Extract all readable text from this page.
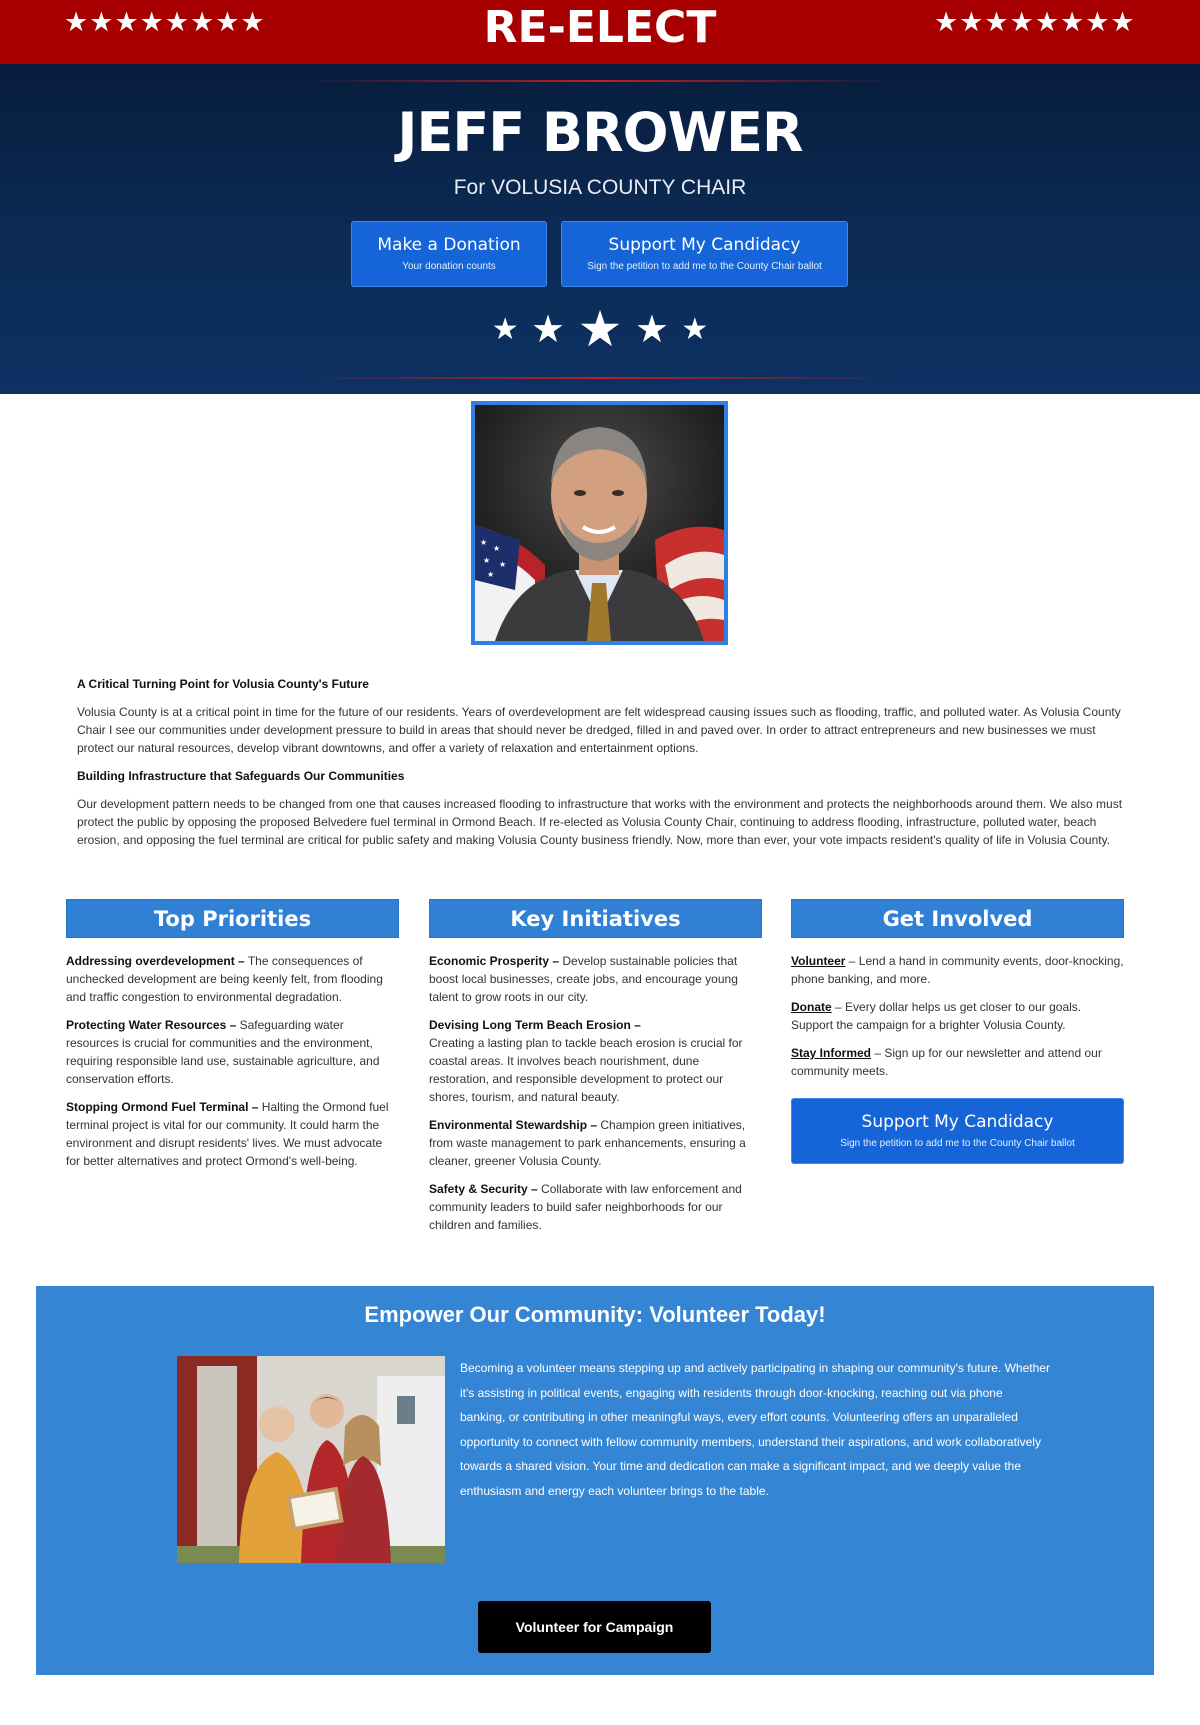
★★★★★★★★	RE-ELECT	★★★★★★★★
JEFF BROWER
For VOLUSIA COUNTY CHAIR
Make a Donation
Your donation counts
Support My Candidacy
Sign the petition to add me to the County Chair ballot
★ ★ ★ ★ ★
★
★
★ ★
★
A Critical Turning Point for Volusia County's Future

Volusia County is at a critical point in time for the future of our residents. Years of overdevelopment are felt widespread causing issues such as flooding, traffic, and polluted water. As Volusia County Chair I see our communities under development pressure to build in areas that should never be dredged, filled in and paved over. In order to attract entrepreneurs and new businesses we must protect our natural resources, develop vibrant downtowns, and offer a variety of relaxation and entertainment options.

Building Infrastructure that Safeguards Our Communities

Our development pattern needs to be changed from one that causes increased flooding to infrastructure that works with the environment and protects the neighborhoods around them. We also must protect the public by opposing the proposed Belvedere fuel terminal in Ormond Beach. If re-elected as Volusia County Chair, continuing to address flooding, infrastructure, polluted water, beach erosion, and opposing the fuel terminal are critical for public safety and making Volusia County business friendly. Now, more than ever, your vote impacts resident's quality of life in Volusia County.

Top Priorities
Addressing overdevelopment – The consequences of unchecked development are being keenly felt, from flooding and traffic congestion to environmental degradation.
Protecting Water Resources – Safeguarding water resources is crucial for communities and the environment, requiring responsible land use, sustainable agriculture, and conservation efforts.
Stopping Ormond Fuel Terminal – Halting the Ormond fuel terminal project is vital for our community. It could harm the environment and disrupt residents' lives. We must advocate for better alternatives and protect Ormond's well-being.
Key Initiatives
Economic Prosperity – Develop sustainable policies that boost local businesses, create jobs, and encourage young talent to grow roots in our city.
Devising Long Term Beach Erosion –
Creating a lasting plan to tackle beach erosion is crucial for coastal areas. It involves beach nourishment, dune restoration, and responsible development to protect our shores, tourism, and natural beauty.
Environmental Stewardship – Champion green initiatives, from waste management to park enhancements, ensuring a cleaner, greener Volusia County.
Safety & Security – Collaborate with law enforcement and community leaders to build safer neighborhoods for our children and families.
Get Involved
Volunteer – Lend a hand in community events, door-knocking, phone banking, and more.
Donate – Every dollar helps us get closer to our goals. Support the campaign for a brighter Volusia County.
Stay Informed – Sign up for our newsletter and attend our community meets.
Support My Candidacy
Sign the petition to add me to the County Chair ballot
Empower Our Community: Volunteer Today!
Becoming a volunteer means stepping up and actively participating in shaping our community's future. Whether it's assisting in political events, engaging with residents through door-knocking, reaching out via phone banking, or contributing in other meaningful ways, every effort counts. Volunteering offers an unparalleled opportunity to connect with fellow community members, understand their aspirations, and work collaboratively towards a shared vision. Your time and dedication can make a significant impact, and we deeply value the enthusiasm and energy each volunteer brings to the table.
Volunteer for Campaign
